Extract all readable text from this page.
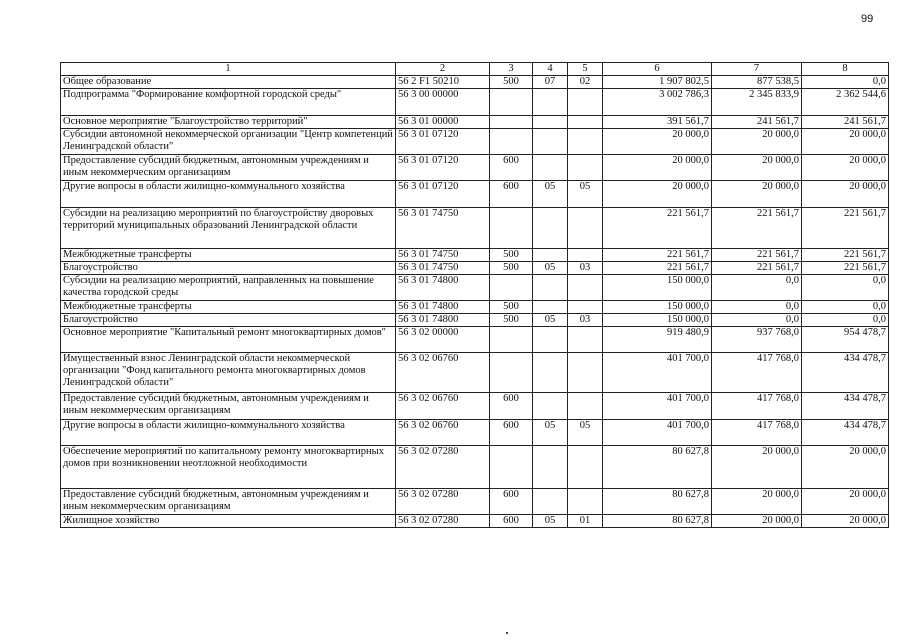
99
1	2	3	4	5	6	7	8
Общее образование	56 2 F1 50210	500	07	02	1 907 802,5	877 538,5	0,0
Подпрограмма "Формирование комфортной городской среды"	56 3 00 00000				3 002 786,3	2 345 833,9	2 362 544,6
Основное мероприятие "Благоустройство территорий"	56 3 01 00000				391 561,7	241 561,7	241 561,7
Субсидии автономной некоммерческой организации "Центр компетенций Ленинградской области"	56 3 01 07120				20 000,0	20 000,0	20 000,0
Предоставление субсидий бюджетным, автономным учреждениям и иным некоммерческим организациям	56 3 01 07120	600			20 000,0	20 000,0	20 000,0
Другие вопросы в области жилищно-коммунального хозяйства	56 3 01 07120	600	05	05	20 000,0	20 000,0	20 000,0
Субсидии на реализацию мероприятий по благоустройству дворовых территорий муниципальных образований Ленинградской области	56 3 01 74750				221 561,7	221 561,7	221 561,7
Межбюджетные трансферты	56 3 01 74750	500			221 561,7	221 561,7	221 561,7
Благоустройство	56 3 01 74750	500	05	03	221 561,7	221 561,7	221 561,7
Субсидии на реализацию мероприятий, направленных на повышение качества городской среды	56 3 01 74800				150 000,0	0,0	0,0
Межбюджетные трансферты	56 3 01 74800	500			150 000,0	0,0	0,0
Благоустройство	56 3 01 74800	500	05	03	150 000,0	0,0	0,0
Основное мероприятие "Капитальный ремонт многоквартирных домов"	56 3 02 00000				919 480,9	937 768,0	954 478,7
Имущественный взнос Ленинградской области некоммерческой организации "Фонд капитального ремонта многоквартирных домов Ленинградской области"	56 3 02 06760				401 700,0	417 768,0	434 478,7
Предоставление субсидий бюджетным, автономным учреждениям и иным некоммерческим организациям	56 3 02 06760	600			401 700,0	417 768,0	434 478,7
Другие вопросы в области жилищно-коммунального хозяйства	56 3 02 06760	600	05	05	401 700,0	417 768,0	434 478,7
Обеспечение мероприятий по капитальному ремонту многоквартирных домов при возникновении неотложной необходимости	56 3 02 07280				80 627,8	20 000,0	20 000,0
Предоставление субсидий бюджетным, автономным учреждениям и иным некоммерческим организациям	56 3 02 07280	600			80 627,8	20 000,0	20 000,0
Жилищное хозяйство	56 3 02 07280	600	05	01	80 627,8	20 000,0	20 000,0
